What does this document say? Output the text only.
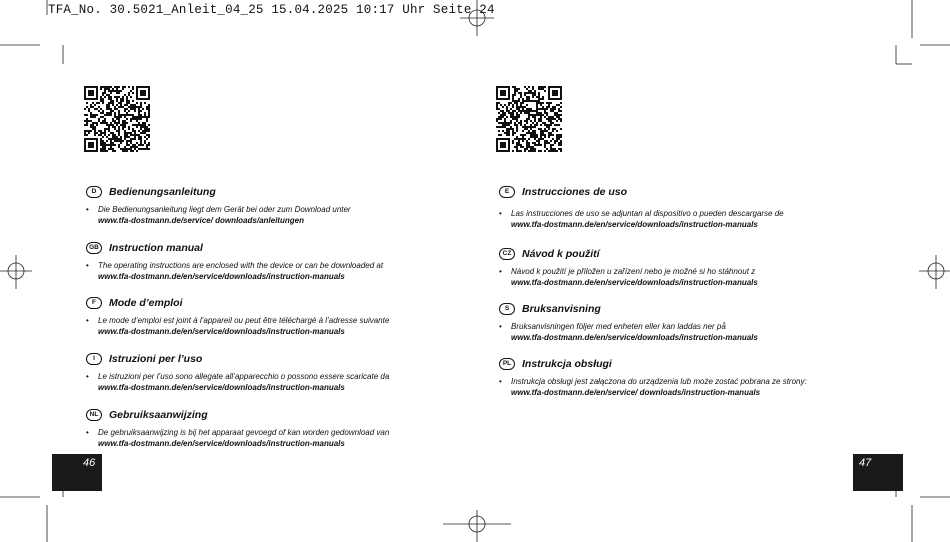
TFA_No. 30.5021_Anleit_04_25 15.04.2025 10:17 Uhr Seite 24
D	Bedienungsanleitung
• Die Bedienungsanleitung liegt dem Gerät bei oder zum Download unter
www.tfa-dostmann.de/service/ downloads/anleitungen
GB Instruction manual
• The operating instructions are enclosed with the device or can be downloaded at
www.tfa-dostmann.de/en/service/downloads/instruction-manuals
F	Mode d’emploi
• Le mode d’emploi est joint à l’appareil ou peut être téléchargé à l’adresse suivante
www.tfa-dostmann.de/en/service/downloads/instruction-manuals
I	Istruzioni per l’uso
• Le istruzioni per l’uso sono allegate all’apparecchio o possono essere scaricate da
www.tfa-dostmann.de/en/service/downloads/instruction-manuals
NL	Gebruiksaanwijzing
• De gebruiksaanwijzing is bij het apparaat gevoegd of kan worden gedownload van
www.tfa-dostmann.de/en/service/downloads/instruction-manuals
E	Instrucciones de uso
• Las instrucciones de uso se adjuntan al dispositivo o pueden descargarse de
www.tfa-dostmann.de/en/service/downloads/instruction-manuals
CZ	Návod k použití
• Návod k použití je přiložen u zařízení nebo je možné si ho stáhnout z
www.tfa-dostmann.de/en/service/downloads/instruction-manuals
S	Bruksanvisning
• Bruksanvisningen följer med enheten eller kan laddas ner på
www.tfa-dostmann.de/en/service/downloads/instruction-manuals
PL	Instrukcja obsługi
• Instrukcja obsługi jest załączona do urządzenia lub może zostać pobrana ze strony:
www.tfa-dostmann.de/en/service/ downloads/instruction-manuals
46	47
